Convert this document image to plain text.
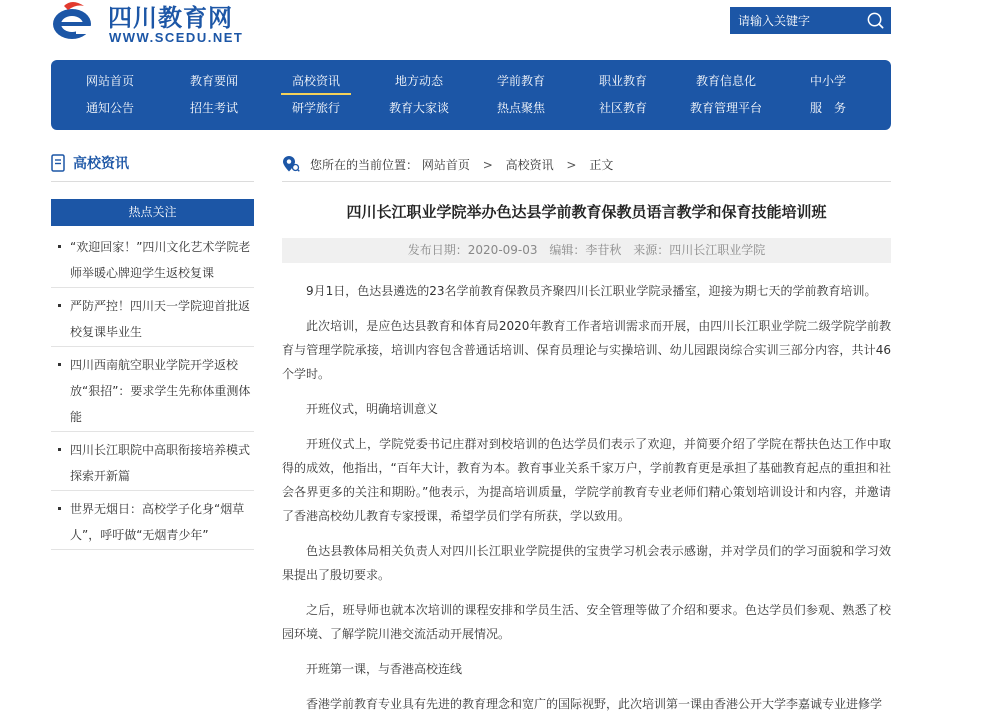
四川教育网
WWW.SCEDU.NET
请输入关键字
网站首页	教育要闻	高校资讯	地方动态	学前教育	职业教育	教育信息化	中小学
通知公告	招生考试	研学旅行	教育大家谈	热点聚焦	社区教育	教育管理平台	服　务
高校资讯
热点关注
“欢迎回家！”四川文化艺术学院老师举暖心牌迎学生返校复课
严防严控！四川天一学院迎首批返校复课毕业生
四川西南航空职业学院开学返校放“狠招”：要求学生先称体重测体能
四川长江职院中高职衔接培养模式探索开新篇
世界无烟日：高校学子化身“烟草人”，呼吁做“无烟青少年”
您所在的当前位置： 网站首页 > 高校资讯 > 正文
四川长江职业学院举办色达县学前教育保教员语言教学和保育技能培训班
发布日期：2020-09-03 编辑：李苷秋 来源：四川长江职业学院

9月1日，色达县遴选的23名学前教育保教员齐聚四川长江职业学院录播室，迎接为期七天的学前教育培训。

此次培训，是应色达县教育和体育局2020年教育工作者培训需求而开展，由四川长江职业学院二级学院学前教育与管理学院承接，培训内容包含普通话培训、保育员理论与实操培训、幼儿园跟岗综合实训三部分内容，共计46个学时。

开班仪式，明确培训意义

开班仪式上，学院党委书记庄群对到校培训的色达学员们表示了欢迎，并简要介绍了学院在帮扶色达工作中取得的成效，他指出，“百年大计，教育为本。教育事业关系千家万户，学前教育更是承担了基础教育起点的重担和社会各界更多的关注和期盼。”他表示，为提高培训质量，学院学前教育专业老师们精心策划培训设计和内容，并邀请了香港高校幼儿教育专家授课，希望学员们学有所获，学以致用。

色达县教体局相关负责人对四川长江职业学院提供的宝贵学习机会表示感谢，并对学员们的学习面貌和学习效果提出了殷切要求。

之后，班导师也就本次培训的课程安排和学员生活、安全管理等做了介绍和要求。色达学员们参观、熟悉了校园环境、了解学院川港交流活动开展情况。

开班第一课，与香港高校连线

香港学前教育专业具有先进的教育理念和宽广的国际视野，此次培训第一课由香港公开大学李嘉诚专业进修学
